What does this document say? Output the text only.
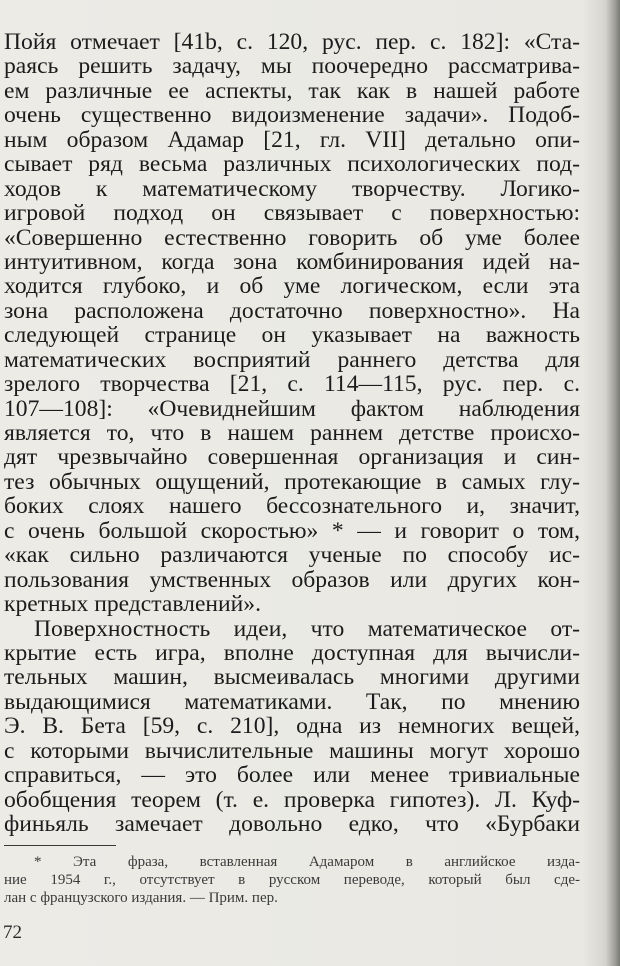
Пойя отмечает [41b, с. 120, рус. пер. с. 182]: «Ста-
раясь решить задачу, мы поочередно рассматрива-
ем различные ее аспекты, так как в нашей работе
очень существенно видоизменение задачи». Подоб-
ным образом Адамар [21, гл. VII] детально опи-
сывает ряд весьма различных психологических под-
ходов к математическому творчеству. Логико-
игровой подход он связывает с поверхностью:
«Совершенно естественно говорить об уме более
интуитивном, когда зона комбинирования идей на-
ходится глубоко, и об уме логическом, если эта
зона расположена достаточно поверхностно». На
следующей странице он указывает на важность
математических восприятий раннего детства для
зрелого творчества [21, с. 114—115, рус. пер. с.
107—108]: «Очевиднейшим фактом наблюдения
является то, что в нашем раннем детстве происхо-
дят чрезвычайно совершенная организация и син-
тез обычных ощущений, протекающие в самых глу-
боких слоях нашего бессознательного и, значит,
с очень большой скоростью» * — и говорит о том,
«как сильно различаются ученые по способу ис-
пользования умственных образов или других кон-
кретных представлений».
Поверхностность идеи, что математическое от-
крытие есть игра, вполне доступная для вычисли-
тельных машин, высмеивалась многими другими
выдающимися математиками. Так, по мнению
Э. В. Бета [59, с. 210], одна из немногих вещей,
с которыми вычислительные машины могут хорошо
справиться, — это более или менее тривиальные
обобщения теорем (т. е. проверка гипотез). Л. Куф-
финьяль замечает довольно едко, что «Бурбаки
* Эта фраза, вставленная Адамаром в английское изда-
ние 1954 г., отсутствует в русском переводе, который был сде-
лан с французского издания. — Прим. пер.
72
